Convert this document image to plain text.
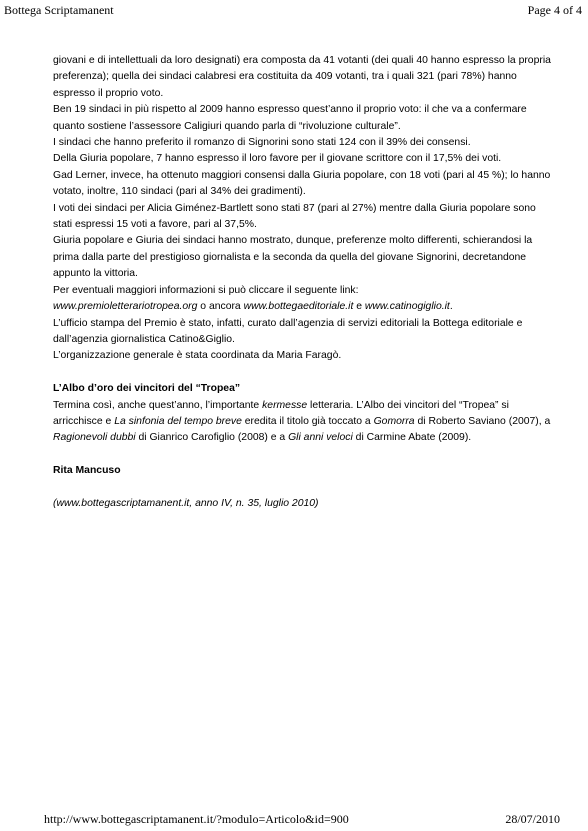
Bottega Scriptamanent	Page 4 of 4

giovani e di intellettuali da loro designati) era composta da 41 votanti (dei quali 40 hanno espresso la propria preferenza); quella dei sindaci calabresi era costituita da 409 votanti, tra i quali 321 (pari 78%) hanno espresso il proprio voto.

Ben 19 sindaci in più rispetto al 2009 hanno espresso quest’anno il proprio voto: il che va a confermare quanto sostiene l’assessore Caligiuri quando parla di “rivoluzione culturale”.

I sindaci che hanno preferito il romanzo di Signorini sono stati 124 con il 39% dei consensi.

Della Giuria popolare, 7 hanno espresso il loro favore per il giovane scrittore con il 17,5% dei voti.

Gad Lerner, invece, ha ottenuto maggiori consensi dalla Giuria popolare, con 18 voti (pari al 45 %); lo hanno votato, inoltre, 110 sindaci (pari al 34% dei gradimenti).

I voti dei sindaci per Alicia Giménez-Bartlett sono stati 87 (pari al 27%) mentre dalla Giuria popolare sono stati espressi 15 voti a favore, pari al 37,5%.

Giuria popolare e Giuria dei sindaci hanno mostrato, dunque, preferenze molto differenti, schierandosi la prima dalla parte del prestigioso giornalista e la seconda da quella del giovane Signorini, decretandone appunto la vittoria.

Per eventuali maggiori informazioni si può cliccare il seguente link:

www.premioletterariotropea.org o ancora www.bottegaeditoriale.it e www.catinogiglio.it.

L’ufficio stampa del Premio è stato, infatti, curato dall’agenzia di servizi editoriali la Bottega editoriale e dall’agenzia giornalistica Catino&Giglio.

L’organizzazione generale è stata coordinata da Maria Faragò.

L’Albo d’oro dei vincitori del “Tropea”

Termina così, anche quest’anno, l’importante kermesse letteraria. L’Albo dei vincitori del “Tropea” si arricchisce e La sinfonia del tempo breve eredita il titolo già toccato a Gomorra di Roberto Saviano (2007), a Ragionevoli dubbi di Gianrico Carofiglio (2008) e a Gli anni veloci di Carmine Abate (2009).

Rita Mancuso

(www.bottegascriptamanent.it, anno IV, n. 35, luglio 2010)

http://www.bottegascriptamanent.it/?modulo=Articolo&id=900	28/07/2010
